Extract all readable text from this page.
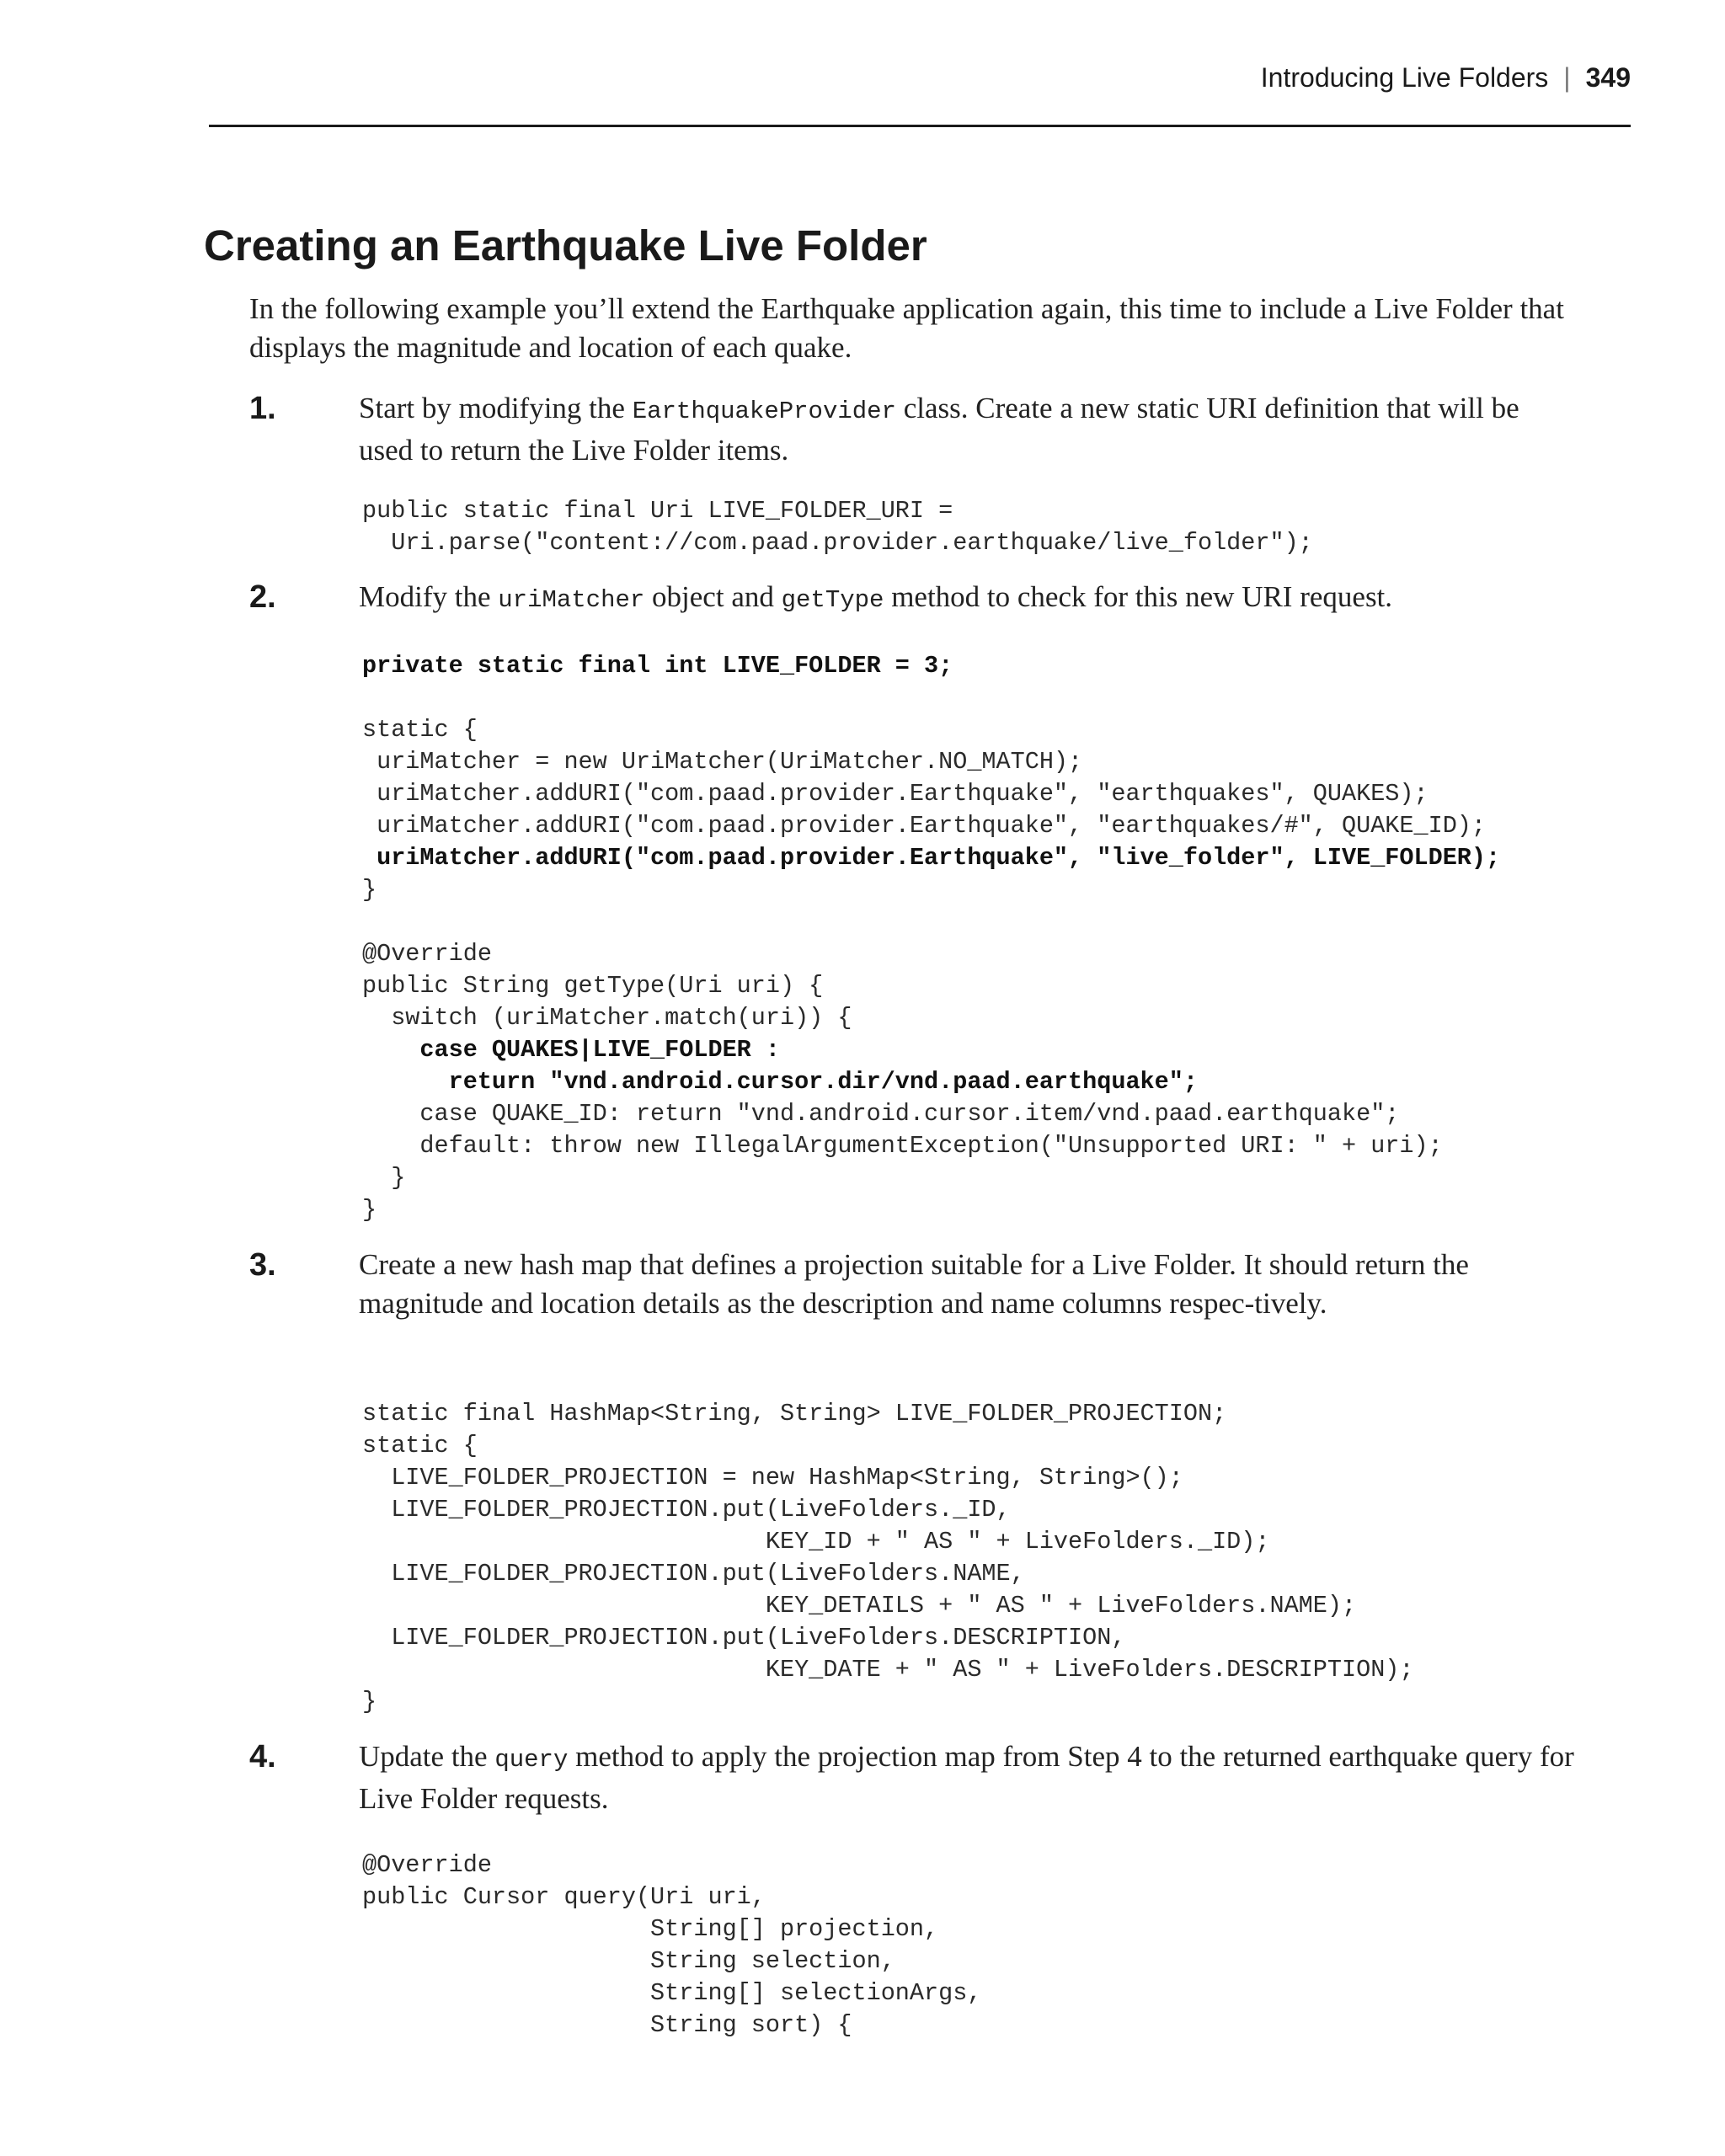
Introducing Live Folders | 349
Creating an Earthquake Live Folder

In the following example you’ll extend the Earthquake application again, this time to include a Live Folder that displays the magnitude and location of each quake.

1.	Start by modifying the EarthquakeProvider class. Create a new static URI definition that will be used to return the Live Folder items.

public static final Uri LIVE_FOLDER_URI =
Uri.parse("content://com.paad.provider.earthquake/live_folder");
2.	Modify the uriMatcher object and getType method to check for this new URI request.

private static final int LIVE_FOLDER = 3;

static {
uriMatcher = new UriMatcher(UriMatcher.NO_MATCH);
uriMatcher.addURI("com.paad.provider.Earthquake", "earthquakes", QUAKES);
uriMatcher.addURI("com.paad.provider.Earthquake", "earthquakes/#", QUAKE_ID);
uriMatcher.addURI("com.paad.provider.Earthquake", "live_folder", LIVE_FOLDER);
}

@Override
public String getType(Uri uri) {
switch (uriMatcher.match(uri)) {
case QUAKES|LIVE_FOLDER :
return "vnd.android.cursor.dir/vnd.paad.earthquake";
case QUAKE_ID: return "vnd.android.cursor.item/vnd.paad.earthquake";
default: throw new IllegalArgumentException("Unsupported URI: " + uri);
}
}
3.	Create a new hash map that defines a projection suitable for a Live Folder. It should return the magnitude and location details as the description and name columns respec-tively.

static final HashMap<String, String> LIVE_FOLDER_PROJECTION;
static {
LIVE_FOLDER_PROJECTION = new HashMap<String, String>();
LIVE_FOLDER_PROJECTION.put(LiveFolders._ID,
KEY_ID + " AS " + LiveFolders._ID);
LIVE_FOLDER_PROJECTION.put(LiveFolders.NAME,
KEY_DETAILS + " AS " + LiveFolders.NAME);
LIVE_FOLDER_PROJECTION.put(LiveFolders.DESCRIPTION,
KEY_DATE + " AS " + LiveFolders.DESCRIPTION);
}
4.	Update the query method to apply the projection map from Step 4 to the returned earthquake query for Live Folder requests.

@Override
public Cursor query(Uri uri,
String[] projection,
String selection,
String[] selectionArgs,
String sort) {
